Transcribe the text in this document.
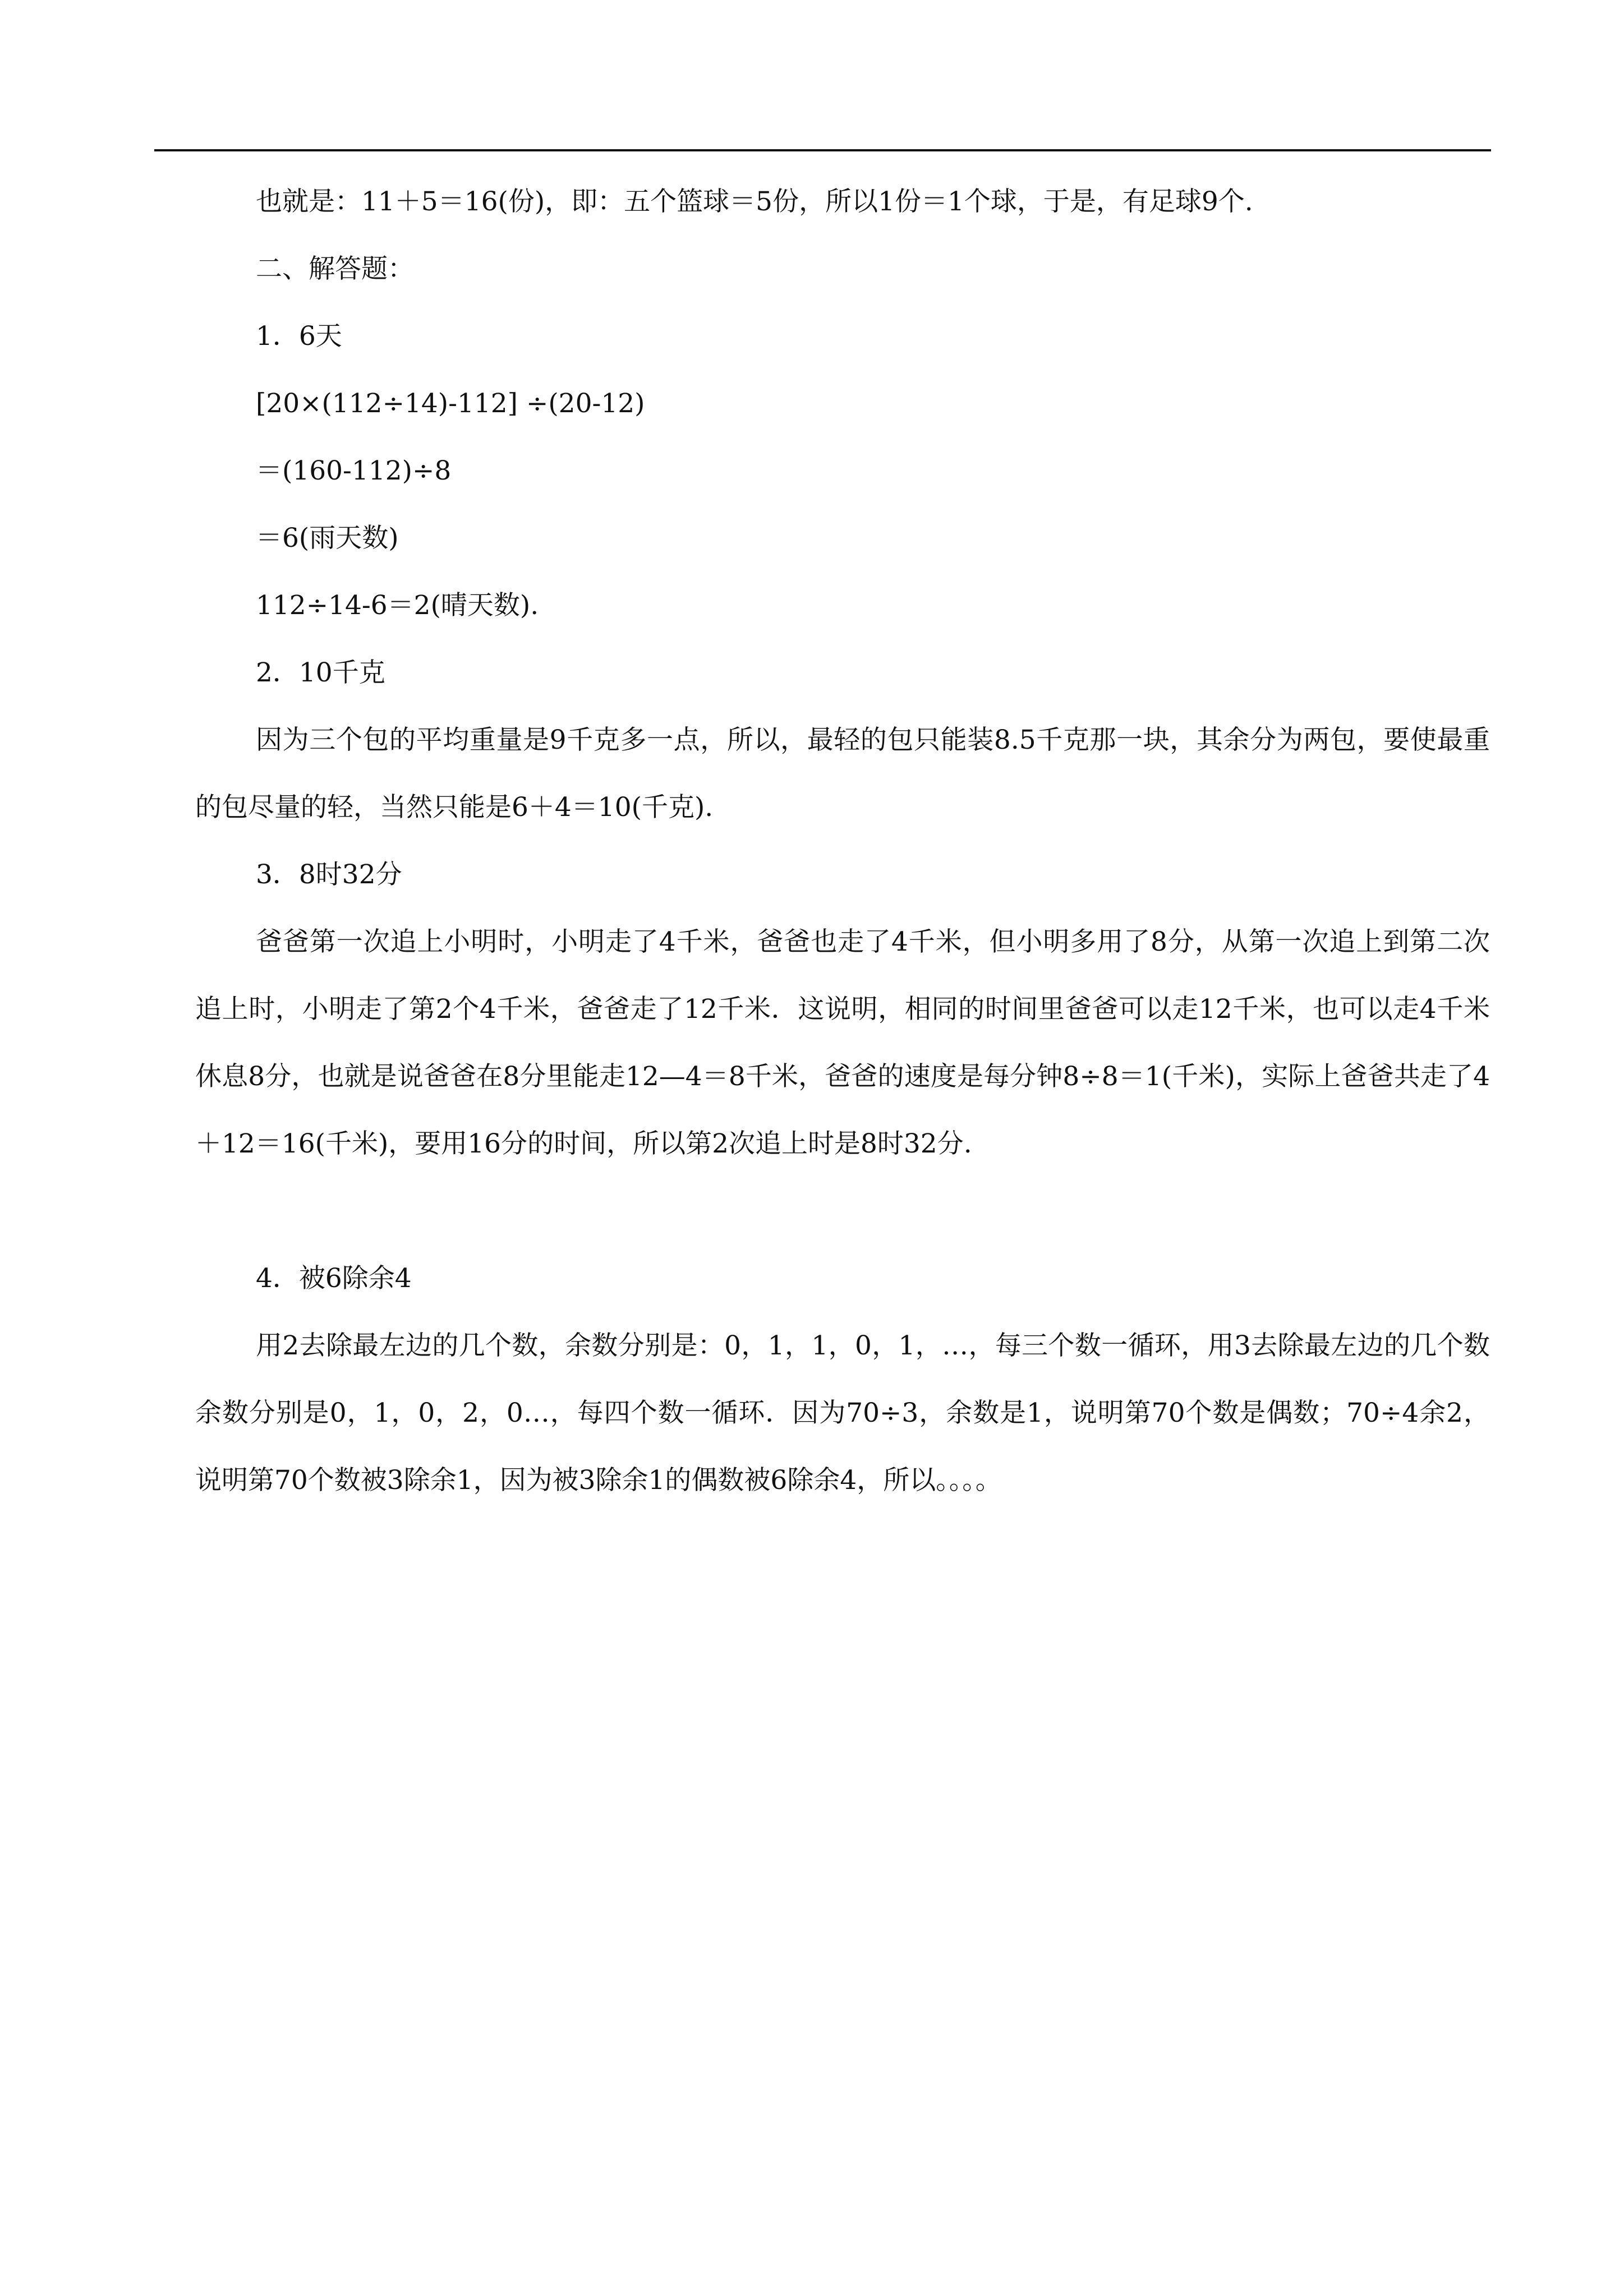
也就是：11＋5＝16(份)，即：五个篮球＝5份，所以1份＝1个球，于是，有足球9个.
二、解答题：
1．6天
[20×(112÷14)-112] ÷(20-12)
＝(160-112)÷8
＝6(雨天数)
112÷14-6＝2(晴天数).
2．10千克

因为三个包的平均重量是9千克多一点，所以，最轻的包只能装8.5千克那一块，其余分为两包，要使最重的包尽量的轻，当然只能是6＋4＝10(千克).

3．8时32分

爸爸第一次追上小明时，小明走了4千米，爸爸也走了4千米，但小明多用了8分，从第一次追上到第二次追上时，小明走了第2个4千米，爸爸走了12千米．这说明，相同的时间里爸爸可以走12千米，也可以走4千米休息8分，也就是说爸爸在8分里能走12—4＝8千米，爸爸的速度是每分钟8÷8＝1(千米)，实际上爸爸共走了4＋12＝16(千米)，要用16分的时间，所以第2次追上时是8时32分.

4．被6除余4

用2去除最左边的几个数，余数分别是：0，1，1，0，1，…，每三个数一循环，用3去除最左边的几个数余数分别是0，1，0，2，0…，每四个数一循环．因为70÷3，余数是1，说明第70个数是偶数；70÷4余2，说明第70个数被3除余1，因为被3除余1的偶数被6除余4，所以。。。。
